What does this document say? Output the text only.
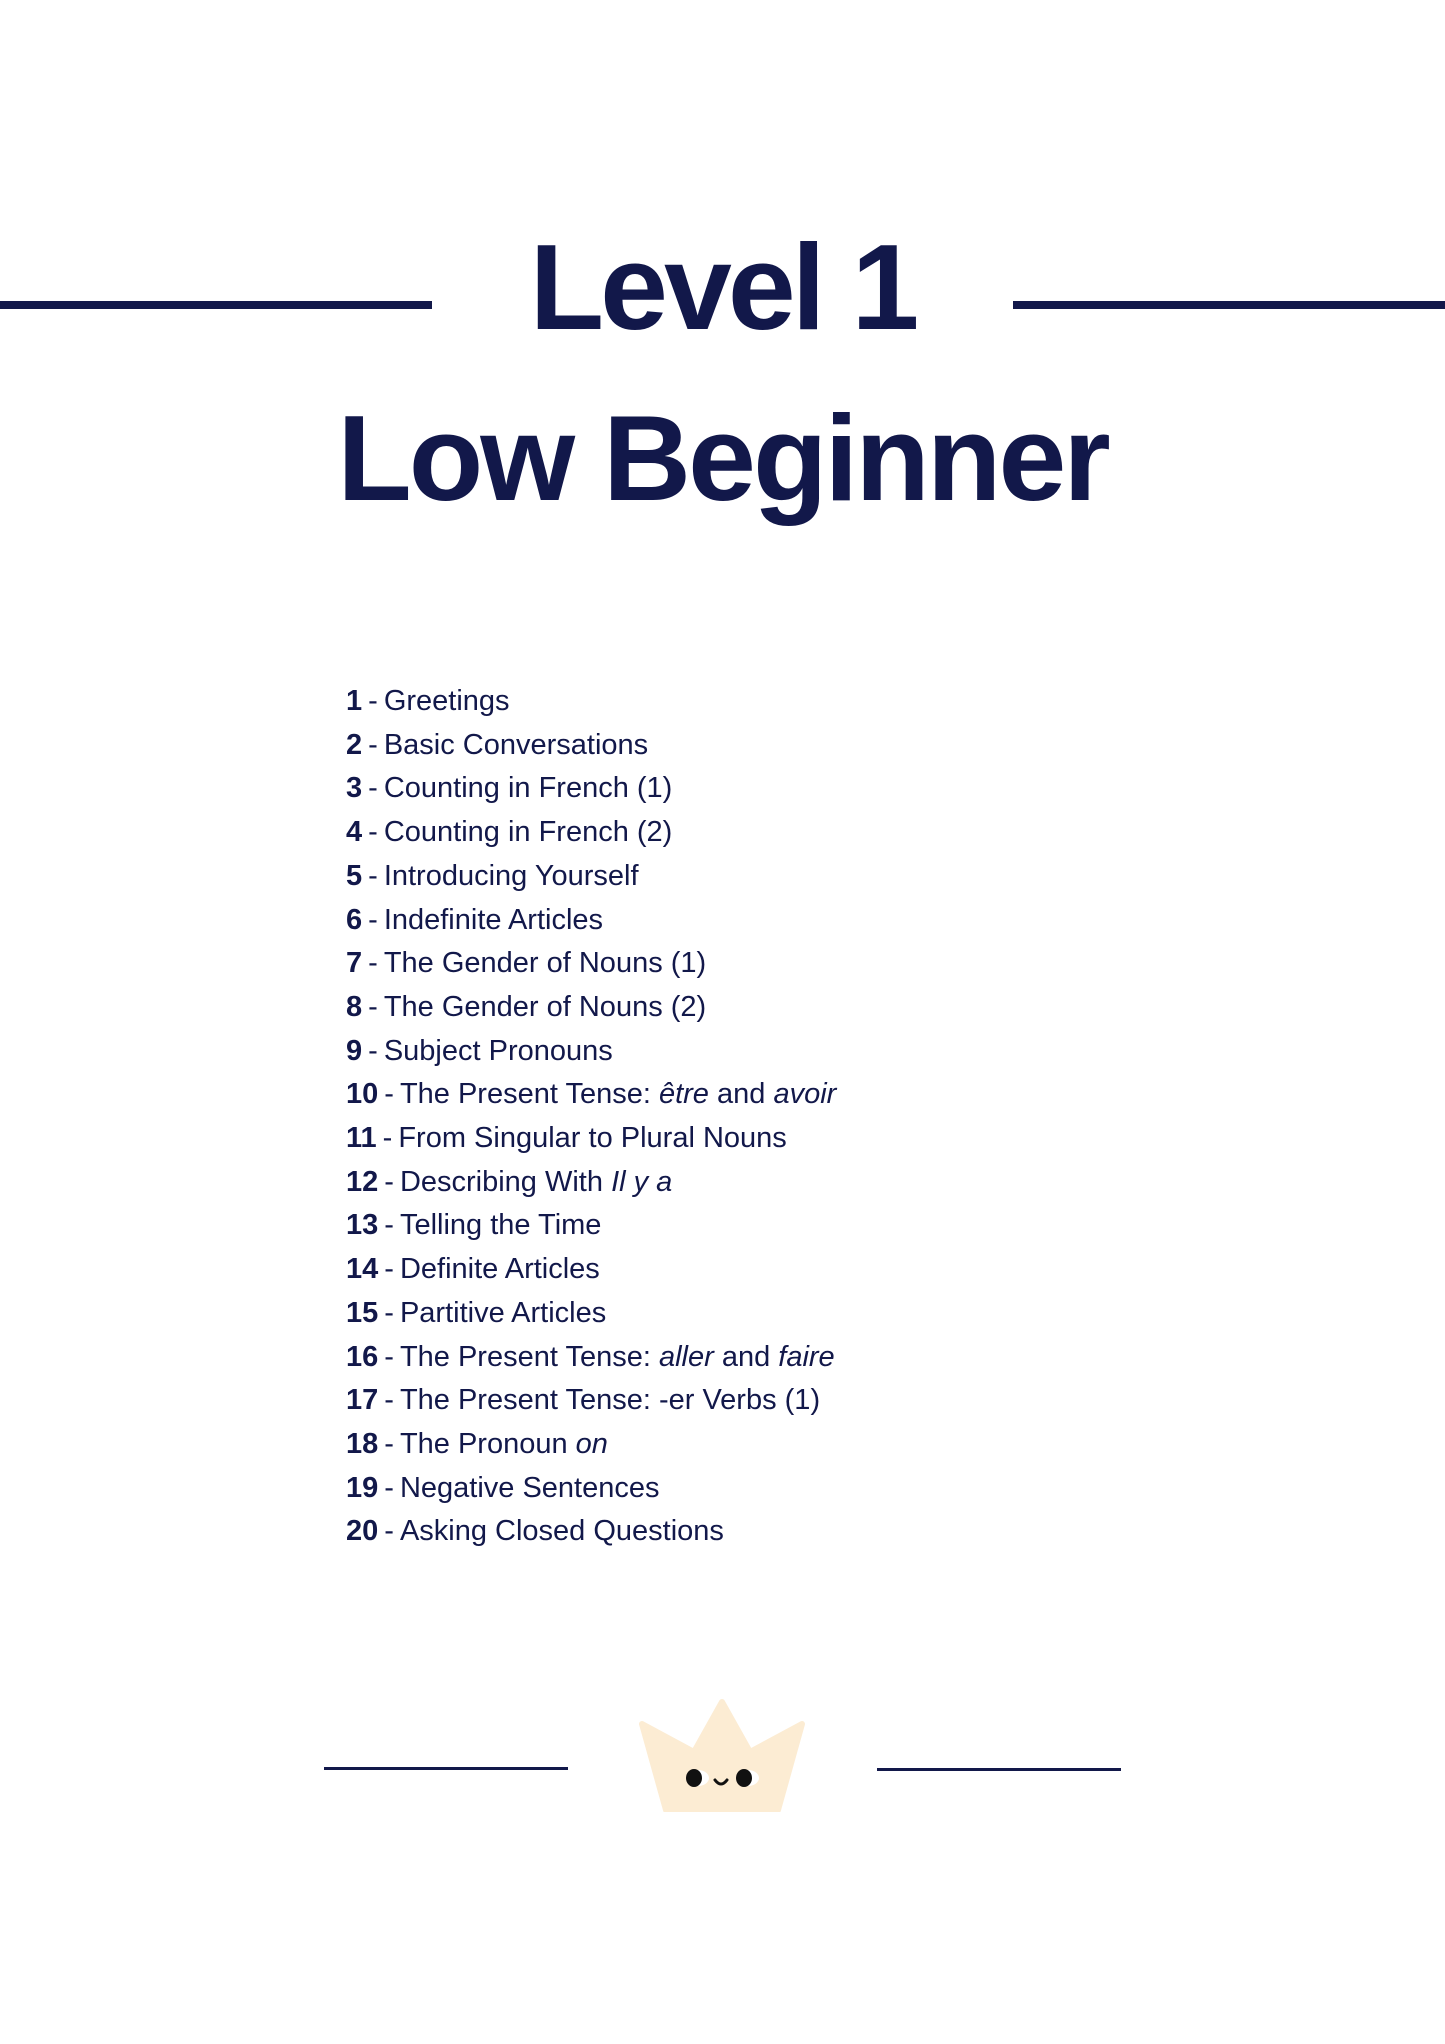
Level 1
Low Beginner
1 - Greetings
2 - Basic Conversations
3 - Counting in French (1)
4 - Counting in French (2)
5 - Introducing Yourself
6 - Indefinite Articles
7 - The Gender of Nouns (1)
8 - The Gender of Nouns (2)
9 - Subject Pronouns
10 - The Present Tense: être and avoir
11 - From Singular to Plural Nouns
12 - Describing With Il y a
13 - Telling the Time
14 - Definite Articles
15 - Partitive Articles
16 - The Present Tense: aller and faire
17 - The Present Tense: -er Verbs (1)
18 - The Pronoun on
19 - Negative Sentences
20 - Asking Closed Questions
